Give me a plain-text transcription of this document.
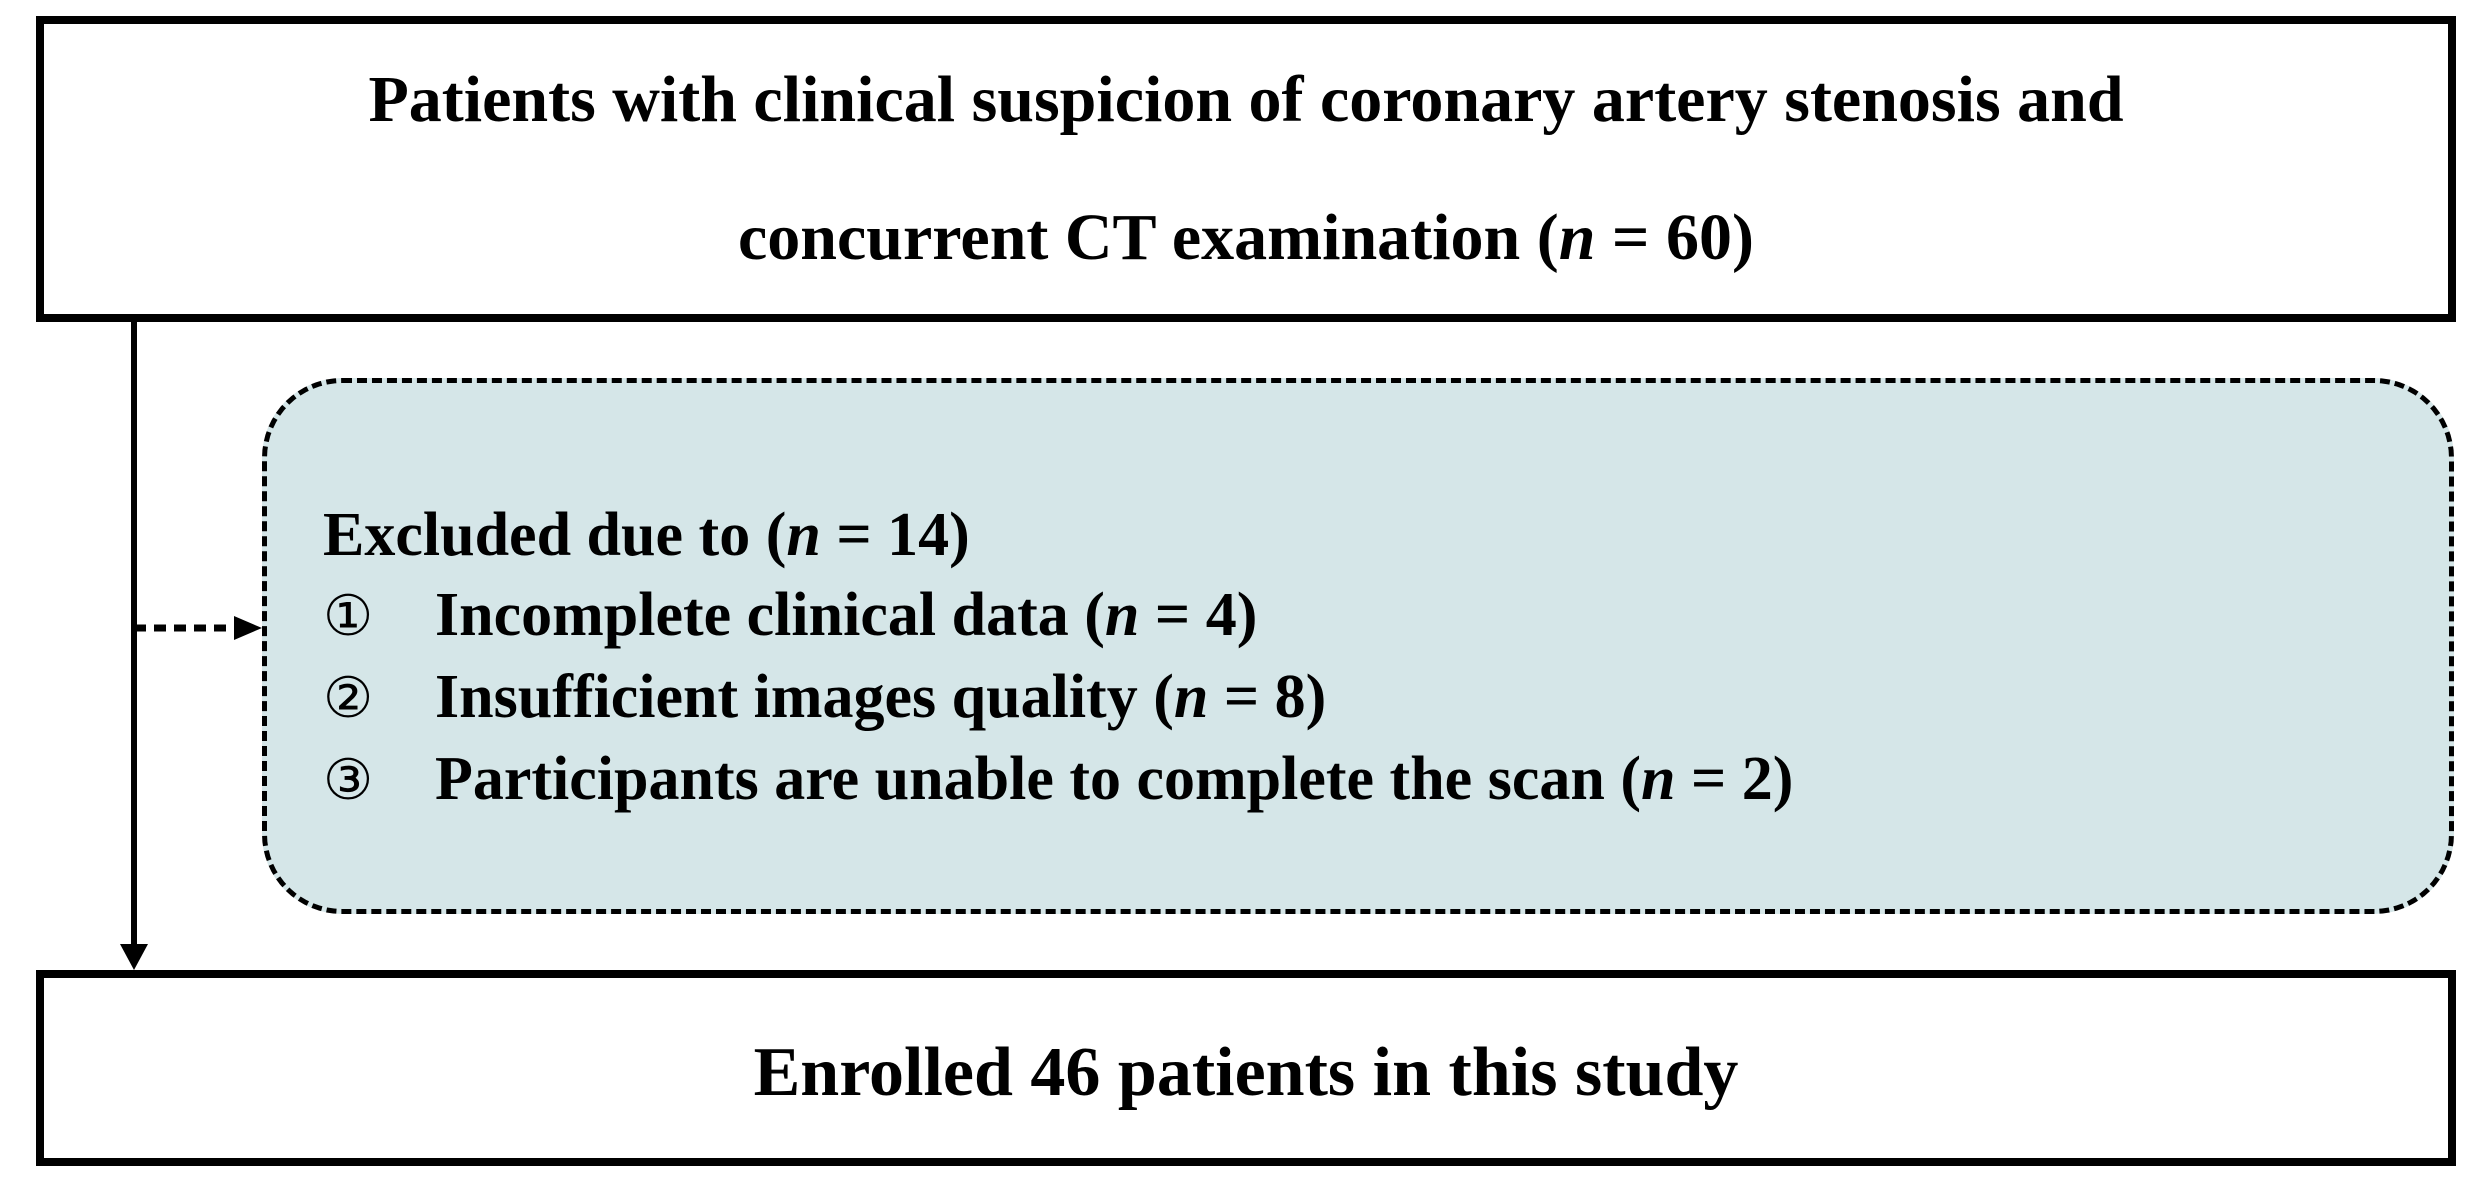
Patients with clinical suspicion of coronary artery stenosis and
concurrent CT examination (n = 60)
Excluded due to (n = 14)
① Incomplete clinical data (n = 4)
② Insufficient images quality (n = 8)
③ Participants are unable to complete the scan (n = 2)
Enrolled 46 patients in this study
